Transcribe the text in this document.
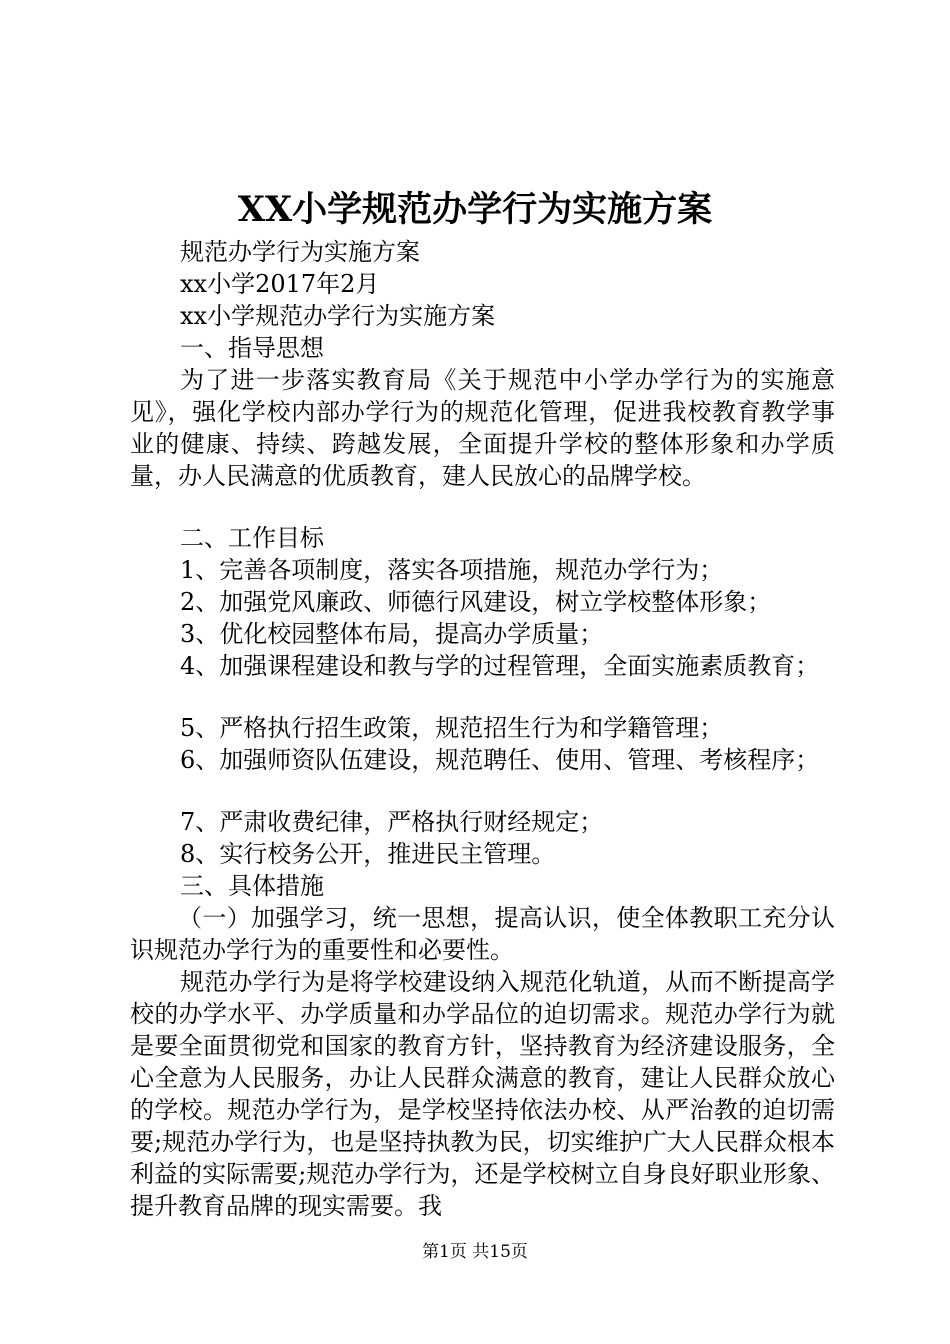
XX小学规范办学行为实施方案
规范办学行为实施方案
xx小学2017年2月
xx小学规范办学行为实施方案
一、指导思想
为了进一步落实教育局《关于规范中小学办学行为的实施意见》，强化学校内部办学行为的规范化管理，促进我校教育教学事业的健康、持续、跨越发展，全面提升学校的整体形象和办学质量，办人民满意的优质教育，建人民放心的品牌学校。
二、工作目标
1、完善各项制度，落实各项措施，规范办学行为；
2、加强党风廉政、师德行风建设，树立学校整体形象；
3、优化校园整体布局，提高办学质量；
4、加强课程建设和教与学的过程管理，全面实施素质教育；
5、严格执行招生政策，规范招生行为和学籍管理；
6、加强师资队伍建设，规范聘任、使用、管理、考核程序；
7、严肃收费纪律，严格执行财经规定；
8、实行校务公开，推进民主管理。
三、具体措施
（一）加强学习，统一思想，提高认识，使全体教职工充分认识规范办学行为的重要性和必要性。
规范办学行为是将学校建设纳入规范化轨道，从而不断提高学校的办学水平、办学质量和办学品位的迫切需求。规范办学行为就是要全面贯彻党和国家的教育方针，坚持教育为经济建设服务，全心全意为人民服务，办让人民群众满意的教育，建让人民群众放心的学校。规范办学行为，是学校坚持依法办校、从严治教的迫切需要;规范办学行为，也是坚持执教为民，切实维护广大人民群众根本利益的实际需要;规范办学行为，还是学校树立自身良好职业形象、提升教育品牌的现实需要。我
第1页 共15页
